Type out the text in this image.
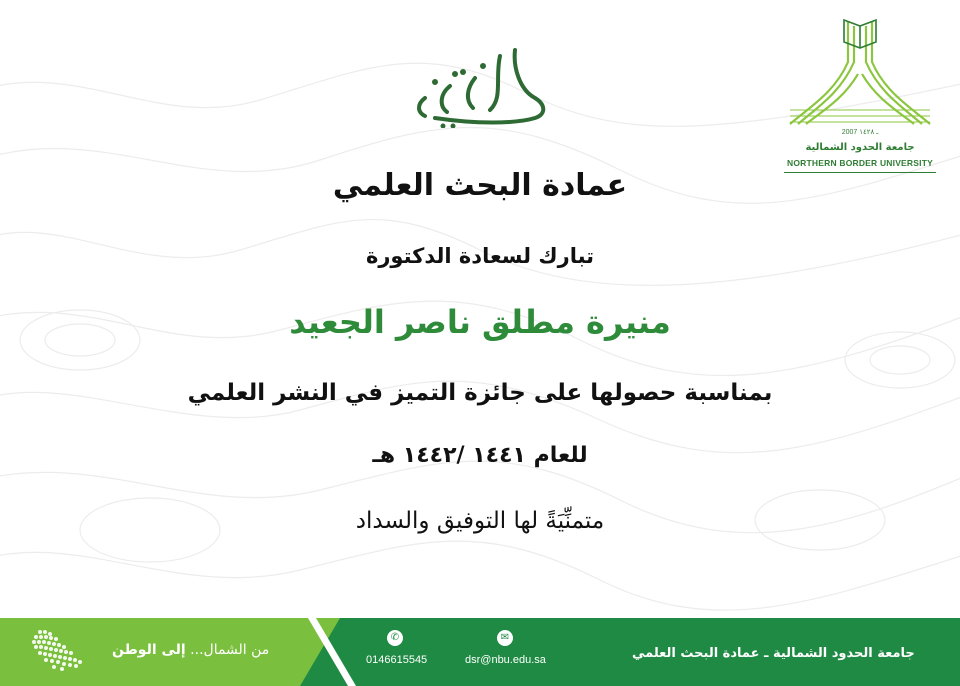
2007 ـ ١٤٢٨
جامعة الحدود الشمالية
NORTHERN BORDER UNIVERSITY
عمادة البحث العلمي
تبارك لسعادة الدكتورة
منيرة مطلق ناصر الجعيد
بمناسبة حصولها على جائزة التميز في النشر العلمي
للعام ١٤٤١ /١٤٤٢ هـ
متمنِّيَةً لها التوفيق والسداد
من الشمال... إلى الوطن
✆
0146615545
✉
dsr@nbu.edu.sa	جامعة الحدود الشمالية ـ عمادة البحث العلمي
